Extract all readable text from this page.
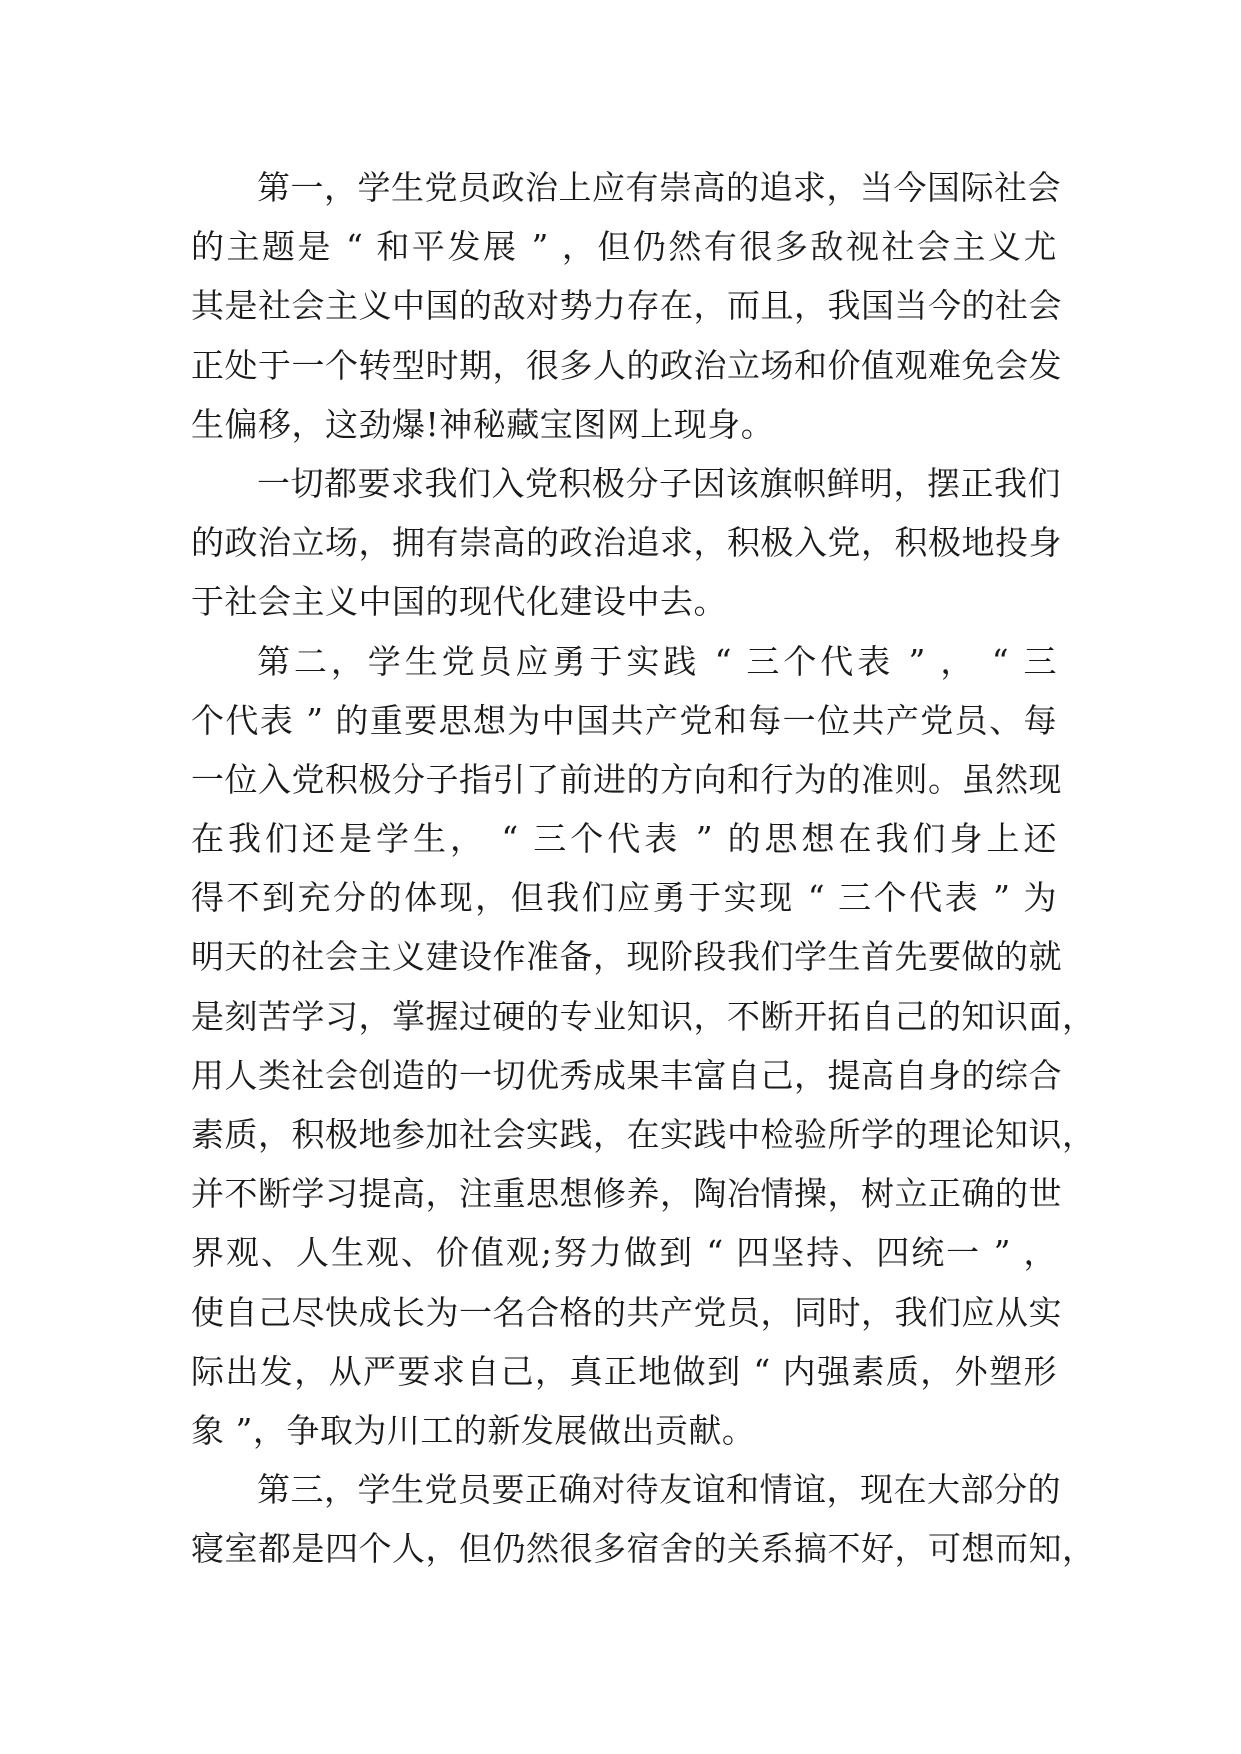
第一，学生党员政治上应有崇高的追求，当今国际社会
的主题是 “ 和平发展 ” ，但仍然有很多敌视社会主义尤
其是社会主义中国的敌对势力存在，而且，我国当今的社会
正处于一个转型时期，很多人的政治立场和价值观难免会发
生偏移，这劲爆!神秘藏宝图网上现身。
一切都要求我们入党积极分子因该旗帜鲜明，摆正我们
的政治立场，拥有崇高的政治追求，积极入党，积极地投身
于社会主义中国的现代化建设中去。
第二，学生党员应勇于实践 “ 三个代表 ” ， “ 三
个代表 ” 的重要思想为中国共产党和每一位共产党员、每
一位入党积极分子指引了前进的方向和行为的准则。虽然现
在我们还是学生， “ 三个代表 ” 的思想在我们身上还
得不到充分的体现，但我们应勇于实现 “ 三个代表 ” 为
明天的社会主义建设作准备，现阶段我们学生首先要做的就
是刻苦学习，掌握过硬的专业知识，不断开拓自己的知识面，
用人类社会创造的一切优秀成果丰富自己，提高自身的综合
素质，积极地参加社会实践，在实践中检验所学的理论知识，
并不断学习提高，注重思想修养，陶冶情操，树立正确的世
界观、人生观、价值观;努力做到 “ 四坚持、四统一 ” ，
使自己尽快成长为一名合格的共产党员，同时，我们应从实
际出发，从严要求自己，真正地做到 “ 内强素质，外塑形
象 ”，争取为川工的新发展做出贡献。
第三，学生党员要正确对待友谊和情谊，现在大部分的
寝室都是四个人，但仍然很多宿舍的关系搞不好，可想而知，
